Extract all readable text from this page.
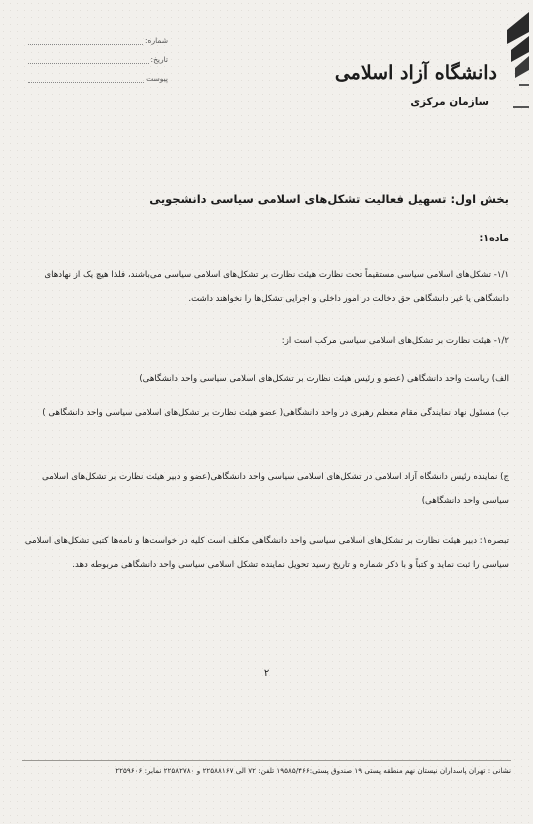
دانشگاه آزاد اسلامی
سازمان مرکزی
شماره:
تاریخ:
پیوست
بخش اول: تسهیل فعالیت تشکل‌های اسلامی سیاسی دانشجویی
ماده۱:
۱/۱- تشکل‌های اسلامی سیاسی مستقیماً تحت نظارت هیئت نظارت بر تشکل‌های اسلامی سیاسی می‌باشند، فلذا هیچ یک از نهادهای دانشگاهی یا غیر دانشگاهی حق دخالت در امور داخلی و اجرایی تشکل‌ها را نخواهند داشت.
۱/۲- هیئت نظارت بر تشکل‌های اسلامی سیاسی مرکب است از:
الف) ریاست واحد دانشگاهی (عضو و رئیس هیئت نظارت بر تشکل‌های اسلامی سیاسی واحد دانشگاهی)
ب) مسئول نهاد نمایندگی مقام معظم رهبری در واحد دانشگاهی( عضو هیئت نظارت بر تشکل‌های اسلامی سیاسی واحد دانشگاهی )
ج) نماینده رئیس دانشگاه آزاد اسلامی در تشکل‌های اسلامی سیاسی واحد دانشگاهی(عضو و دبیر هیئت نظارت بر تشکل‌های اسلامی سیاسی واحد دانشگاهی)
تبصره۱: دبیر هیئت نظارت بر تشکل‌های اسلامی سیاسی واحد دانشگاهی مکلف است کلیه در خواست‌ها و نامه‌ها کتبی تشکل‌های اسلامی سیاسی را ثبت نماید و کتباً و با ذکر شماره و تاریخ رسید تحویل نماینده تشکل اسلامی سیاسی واحد دانشگاهی مربوطه دهد.
۲
نشانی : تهران پاسداران نیستان نهم منطقه پستی ۱۹ صندوق پستی:۱۹۵۸۵/۴۶۶ تلفن: ۷۲ الی ۲۲۵۸۸۱۶۷ و ۲۲۵۸۲۷۸۰ نمابر: ۲۲۵۹۶۰۶
